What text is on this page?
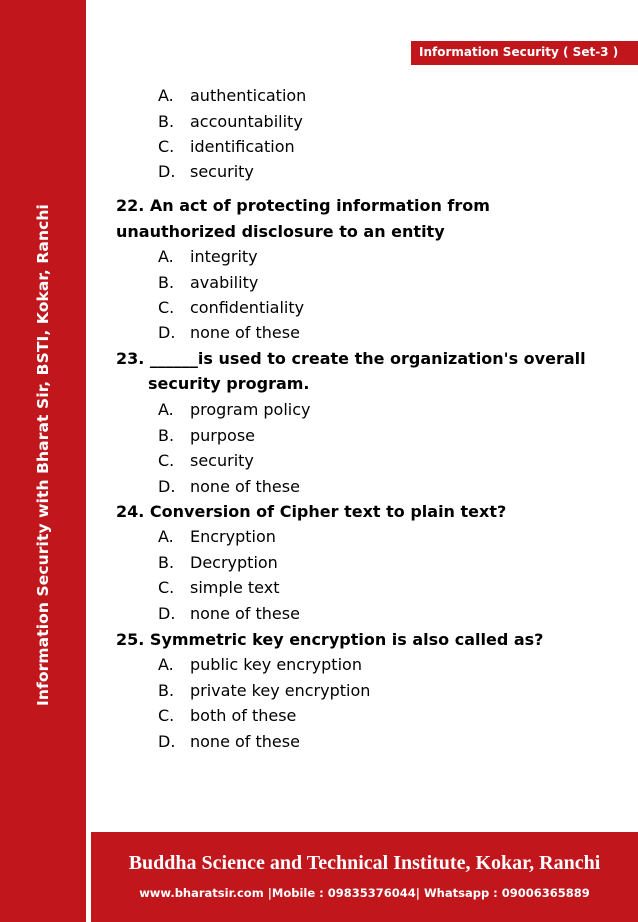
Information Security with Bharat Sir, BSTI, Kokar, Ranchi
Information Security ( Set-3 )
A. authentication
B. accountability
C. identification
D. security
22. An act of protecting information from
unauthorized disclosure to an entity
A. integrity
B. avability
C. confidentiality
D. none of these
23. ______is used to create the organization's overall
security program.
A. program policy
B. purpose
C. security
D. none of these
24. Conversion of Cipher text to plain text?
A. Encryption
B. Decryption
C. simple text
D. none of these
25. Symmetric key encryption is also called as?
A. public key encryption
B. private key encryption
C. both of these
D. none of these
Buddha Science and Technical Institute, Kokar, Ranchi
www.bharatsir.com |Mobile : 09835376044| Whatsapp : 09006365889
